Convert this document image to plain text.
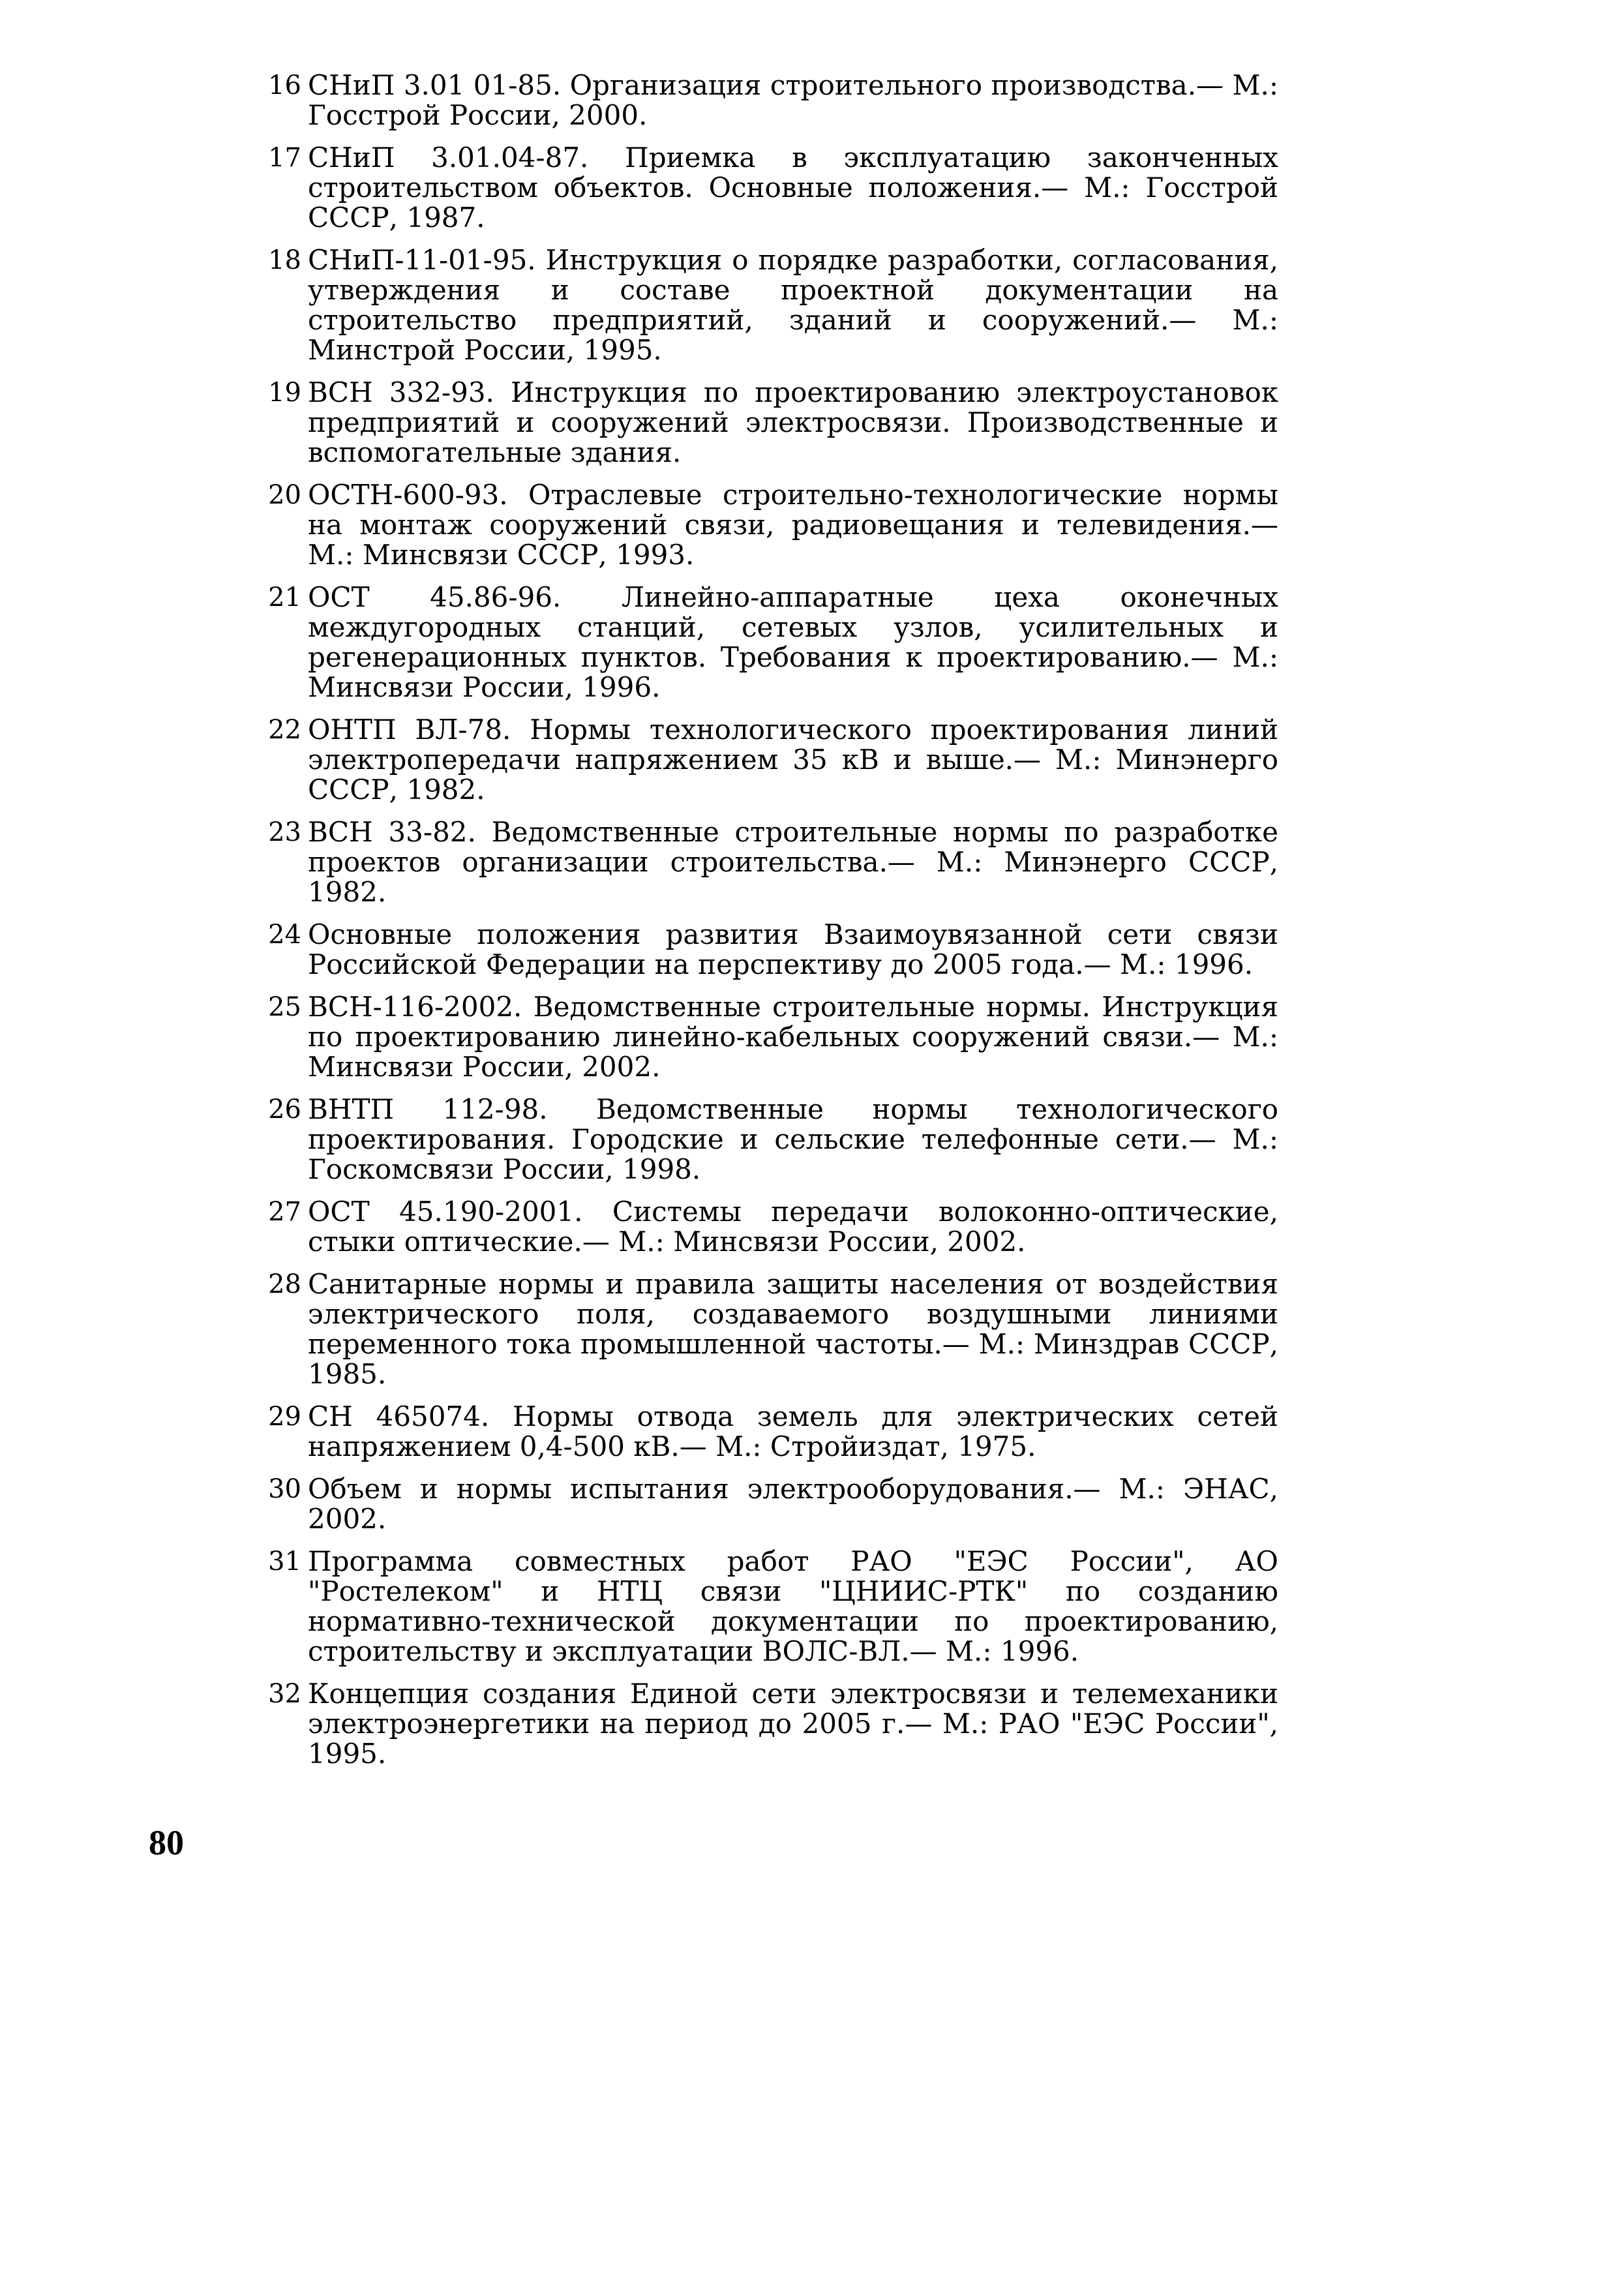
16 СНиП 3.01 01-85. Организация строительного производства.— М.: Госстрой России, 2000.
17 СНиП 3.01.04-87. Приемка в эксплуатацию законченных строительством объектов. Основные положения.— М.: Госстрой СССР, 1987.
18 СНиП-11-01-95. Инструкция о порядке разработки, согласования, утверждения и составе проектной документации на строительство предприятий, зданий и сооружений.— М.: Минстрой России, 1995.
19 ВСН 332-93. Инструкция по проектированию электроустановок предприятий и сооружений электросвязи. Производственные и вспомогательные здания.
20 ОСТН-600-93. Отраслевые строительно-технологические нормы на монтаж сооружений связи, радиовещания и телевидения.— М.: Минсвязи СССР, 1993.
21 ОСТ 45.86-96. Линейно-аппаратные цеха оконечных междугородных станций, сетевых узлов, усилительных и регенерационных пунктов. Требования к проектированию.— М.: Минсвязи России, 1996.
22 ОНТП ВЛ-78. Нормы технологического проектирования линий электропередачи напряжением 35 кВ и выше.— М.: Минэнерго СССР, 1982.
23 ВСН 33-82. Ведомственные строительные нормы по разработке проектов организации строительства.— М.: Минэнерго СССР, 1982.
24 Основные положения развития Взаимоувязанной сети связи Российской Федерации на перспективу до 2005 года.— М.: 1996.
25 ВСН-116-2002. Ведомственные строительные нормы. Инструкция по проектированию линейно-кабельных сооружений связи.— М.: Минсвязи России, 2002.
26 ВНТП 112-98. Ведомственные нормы технологического проектирования. Городские и сельские телефонные сети.— М.: Госкомсвязи России, 1998.
27 ОСТ 45.190-2001. Системы передачи волоконно-оптические, стыки оптические.— М.: Минсвязи России, 2002.
28 Санитарные нормы и правила защиты населения от воздействия электрического поля, создаваемого воздушными линиями переменного тока промышленной частоты.— М.: Минздрав СССР, 1985.
29 СН 465074. Нормы отвода земель для электрических сетей напряжением 0,4-500 кВ.— М.: Стройиздат, 1975.
30 Объем и нормы испытания электрооборудования.— М.: ЭНАС, 2002.
31 Программа совместных работ РАО "ЕЭС России", АО "Ростелеком" и НТЦ связи "ЦНИИС-РТК" по созданию нормативно-технической документации по проектированию, строительству и эксплуатации ВОЛС-ВЛ.— М.: 1996.
32 Концепция создания Единой сети электросвязи и телемеханики электроэнергетики на период до 2005 г.— М.: РАО "ЕЭС России", 1995.
80
